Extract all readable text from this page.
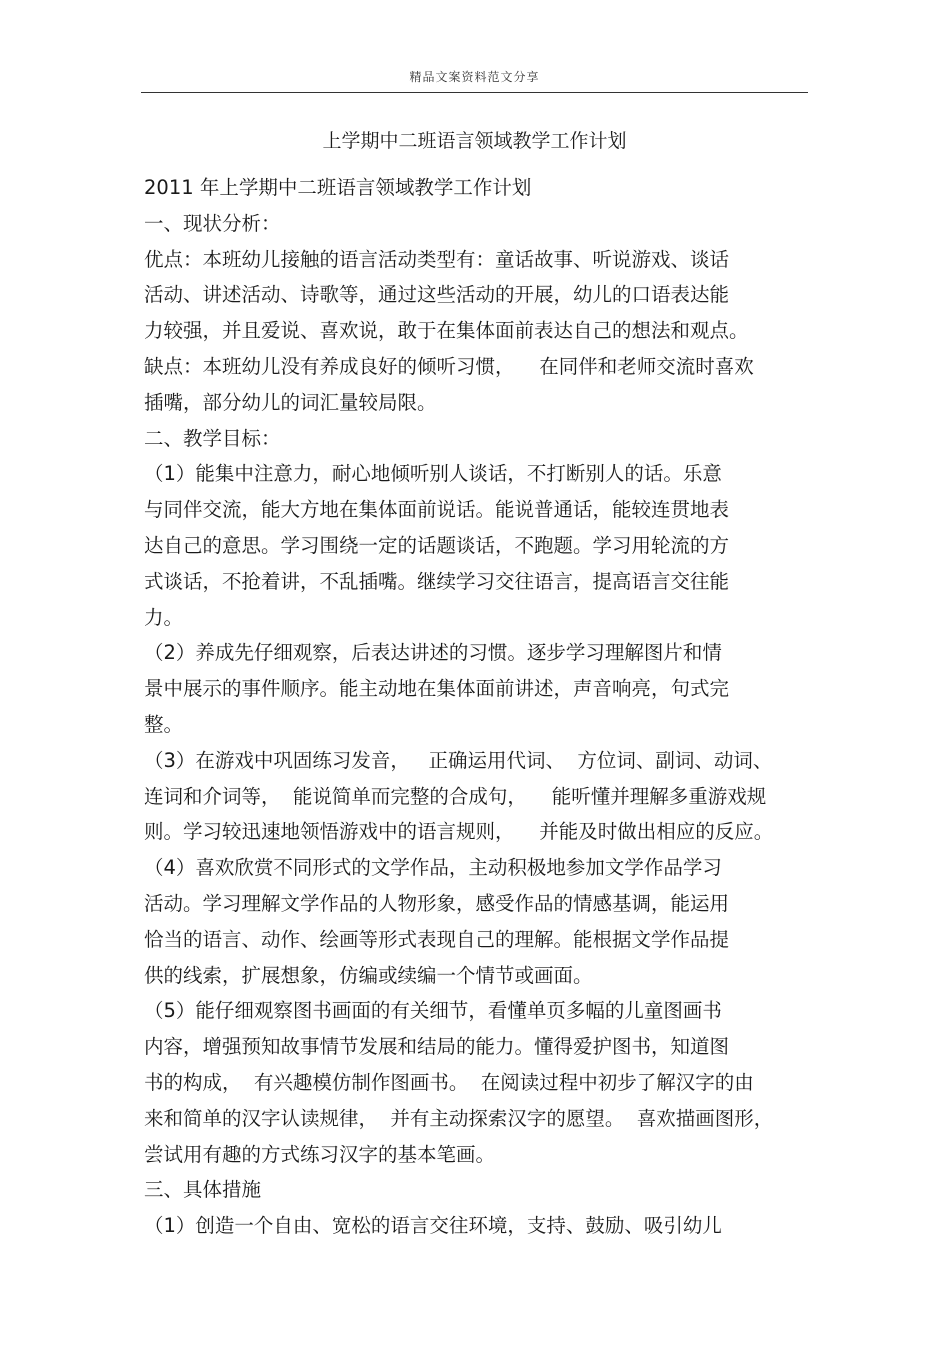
精品文案资料范文分享
上学期中二班语言领域教学工作计划

2011 年上学期中二班语言领域教学工作计划

一、现状分析：

优点：本班幼儿接触的语言活动类型有：童话故事、听说游戏、谈话

活动、讲述活动、诗歌等，通过这些活动的开展，幼儿的口语表达能

力较强，并且爱说、喜欢说，敢于在集体面前表达自己的想法和观点。

缺点：本班幼儿没有养成良好的倾听习惯，    在同伴和老师交流时喜欢

插嘴，部分幼儿的词汇量较局限。

二、教学目标：

（1）能集中注意力，耐心地倾听别人谈话，不打断别人的话。乐意

与同伴交流，能大方地在集体面前说话。能说普通话，能较连贯地表

达自己的意思。学习围绕一定的话题谈话，不跑题。学习用轮流的方

式谈话，不抢着讲，不乱插嘴。继续学习交往语言，提高语言交往能

力。

（2）养成先仔细观察，后表达讲述的习惯。逐步学习理解图片和情

景中展示的事件顺序。能主动地在集体面前讲述，声音响亮，句式完

整。

（3）在游戏中巩固练习发音，   正确运用代词、  方位词、副词、动词、

连词和介词等，  能说简单而完整的合成句，    能听懂并理解多重游戏规

则。学习较迅速地领悟游戏中的语言规则，    并能及时做出相应的反应。

（4）喜欢欣赏不同形式的文学作品，主动积极地参加文学作品学习

活动。学习理解文学作品的人物形象，感受作品的情感基调，能运用

恰当的语言、动作、绘画等形式表现自己的理解。能根据文学作品提

供的线索，扩展想象，仿编或续编一个情节或画面。

（5）能仔细观察图书画面的有关细节，看懂单页多幅的儿童图画书

内容，增强预知故事情节发展和结局的能力。懂得爱护图书，知道图

书的构成，  有兴趣模仿制作图画书。  在阅读过程中初步了解汉字的由

来和简单的汉字认读规律，  并有主动探索汉字的愿望。  喜欢描画图形，

尝试用有趣的方式练习汉字的基本笔画。

三、具体措施

（1）创造一个自由、宽松的语言交往环境，支持、鼓励、吸引幼儿
